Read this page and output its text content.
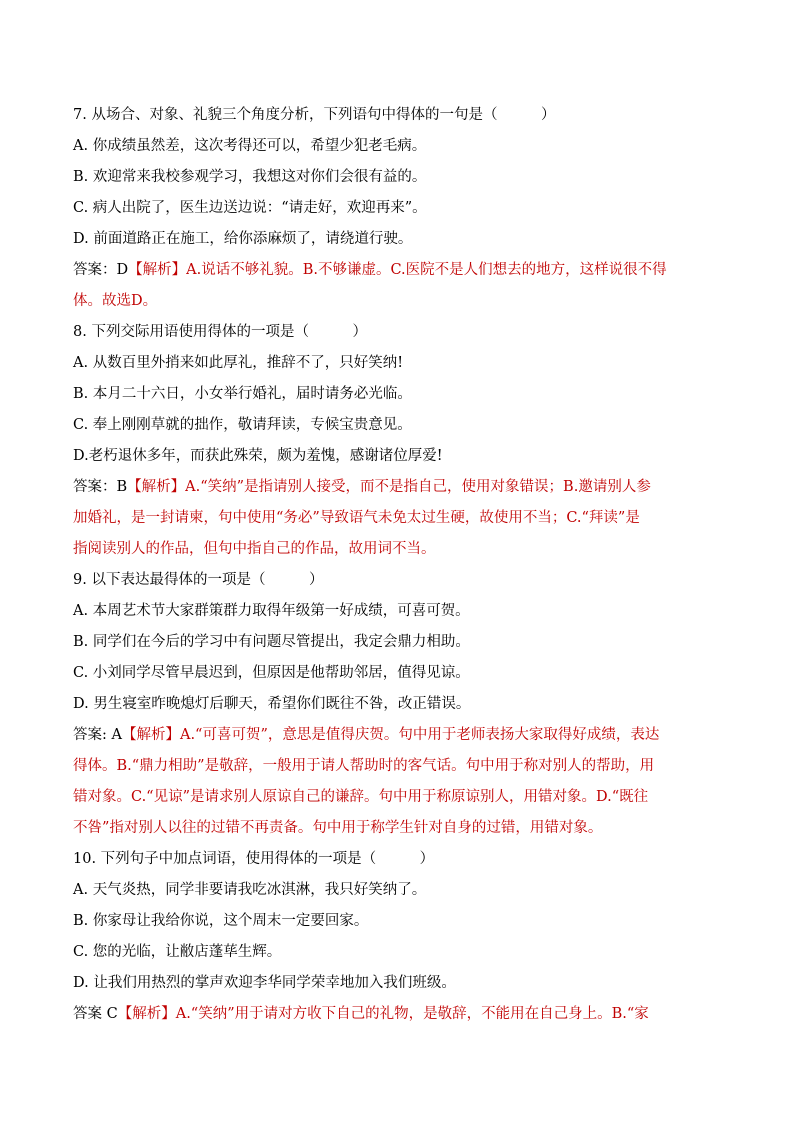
7. 从场合、对象、礼貌三个角度分析，下列语句中得体的一句是（　　　）
A. 你成绩虽然差，这次考得还可以，希望少犯老毛病。
B. 欢迎常来我校参观学习，我想这对你们会很有益的。
C. 病人出院了，医生边送边说：“请走好，欢迎再来”。
D. 前面道路正在施工，给你添麻烦了，请绕道行驶。
答案：D【解析】A.说话不够礼貌。B.不够谦虚。C.医院不是人们想去的地方，这样说很不得
体。故选D。
8. 下列交际用语使用得体的一项是（　　　）
A. 从数百里外捎来如此厚礼，推辞不了，只好笑纳!
B. 本月二十六日，小女举行婚礼，届时请务必光临。
C. 奉上刚刚草就的拙作，敬请拜读，专候宝贵意见。
D.老朽退休多年，而获此殊荣，颇为羞愧，感谢诸位厚爱!
答案：B【解析】A.“笑纳”是指请别人接受，而不是指自己，使用对象错误；B.邀请别人参
加婚礼，是一封请柬，句中使用“务必”导致语气未免太过生硬，故使用不当；C.“拜读”是
指阅读别人的作品，但句中指自己的作品，故用词不当。
9. 以下表达最得体的一项是（　　　）
A. 本周艺术节大家群策群力取得年级第一好成绩，可喜可贺。
B. 同学们在今后的学习中有问题尽管提出，我定会鼎力相助。
C. 小刘同学尽管早晨迟到，但原因是他帮助邻居，值得见谅。
D. 男生寝室昨晚熄灯后聊天，希望你们既往不咎，改正错误。
答案: A【解析】A.“可喜可贺”，意思是值得庆贺。句中用于老师表扬大家取得好成绩，表达
得体。B.“鼎力相助”是敬辞，一般用于请人帮助时的客气话。句中用于称对别人的帮助，用
错对象。C.“见谅”是请求别人原谅自己的谦辞。句中用于称原谅别人，用错对象。D.“既往
不咎”指对别人以往的过错不再责备。句中用于称学生针对自身的过错，用错对象。
10. 下列句子中加点词语，使用得体的一项是（　　　）
A. 天气炎热，同学非要请我吃冰淇淋，我只好笑纳了。
B. 你家母让我给你说，这个周末一定要回家。
C. 您的光临，让敝店蓬荜生辉。
D. 让我们用热烈的掌声欢迎李华同学荣幸地加入我们班级。
答案 C【解析】A.“笑纳”用于请对方收下自己的礼物，是敬辞，不能用在自己身上。B.“家
